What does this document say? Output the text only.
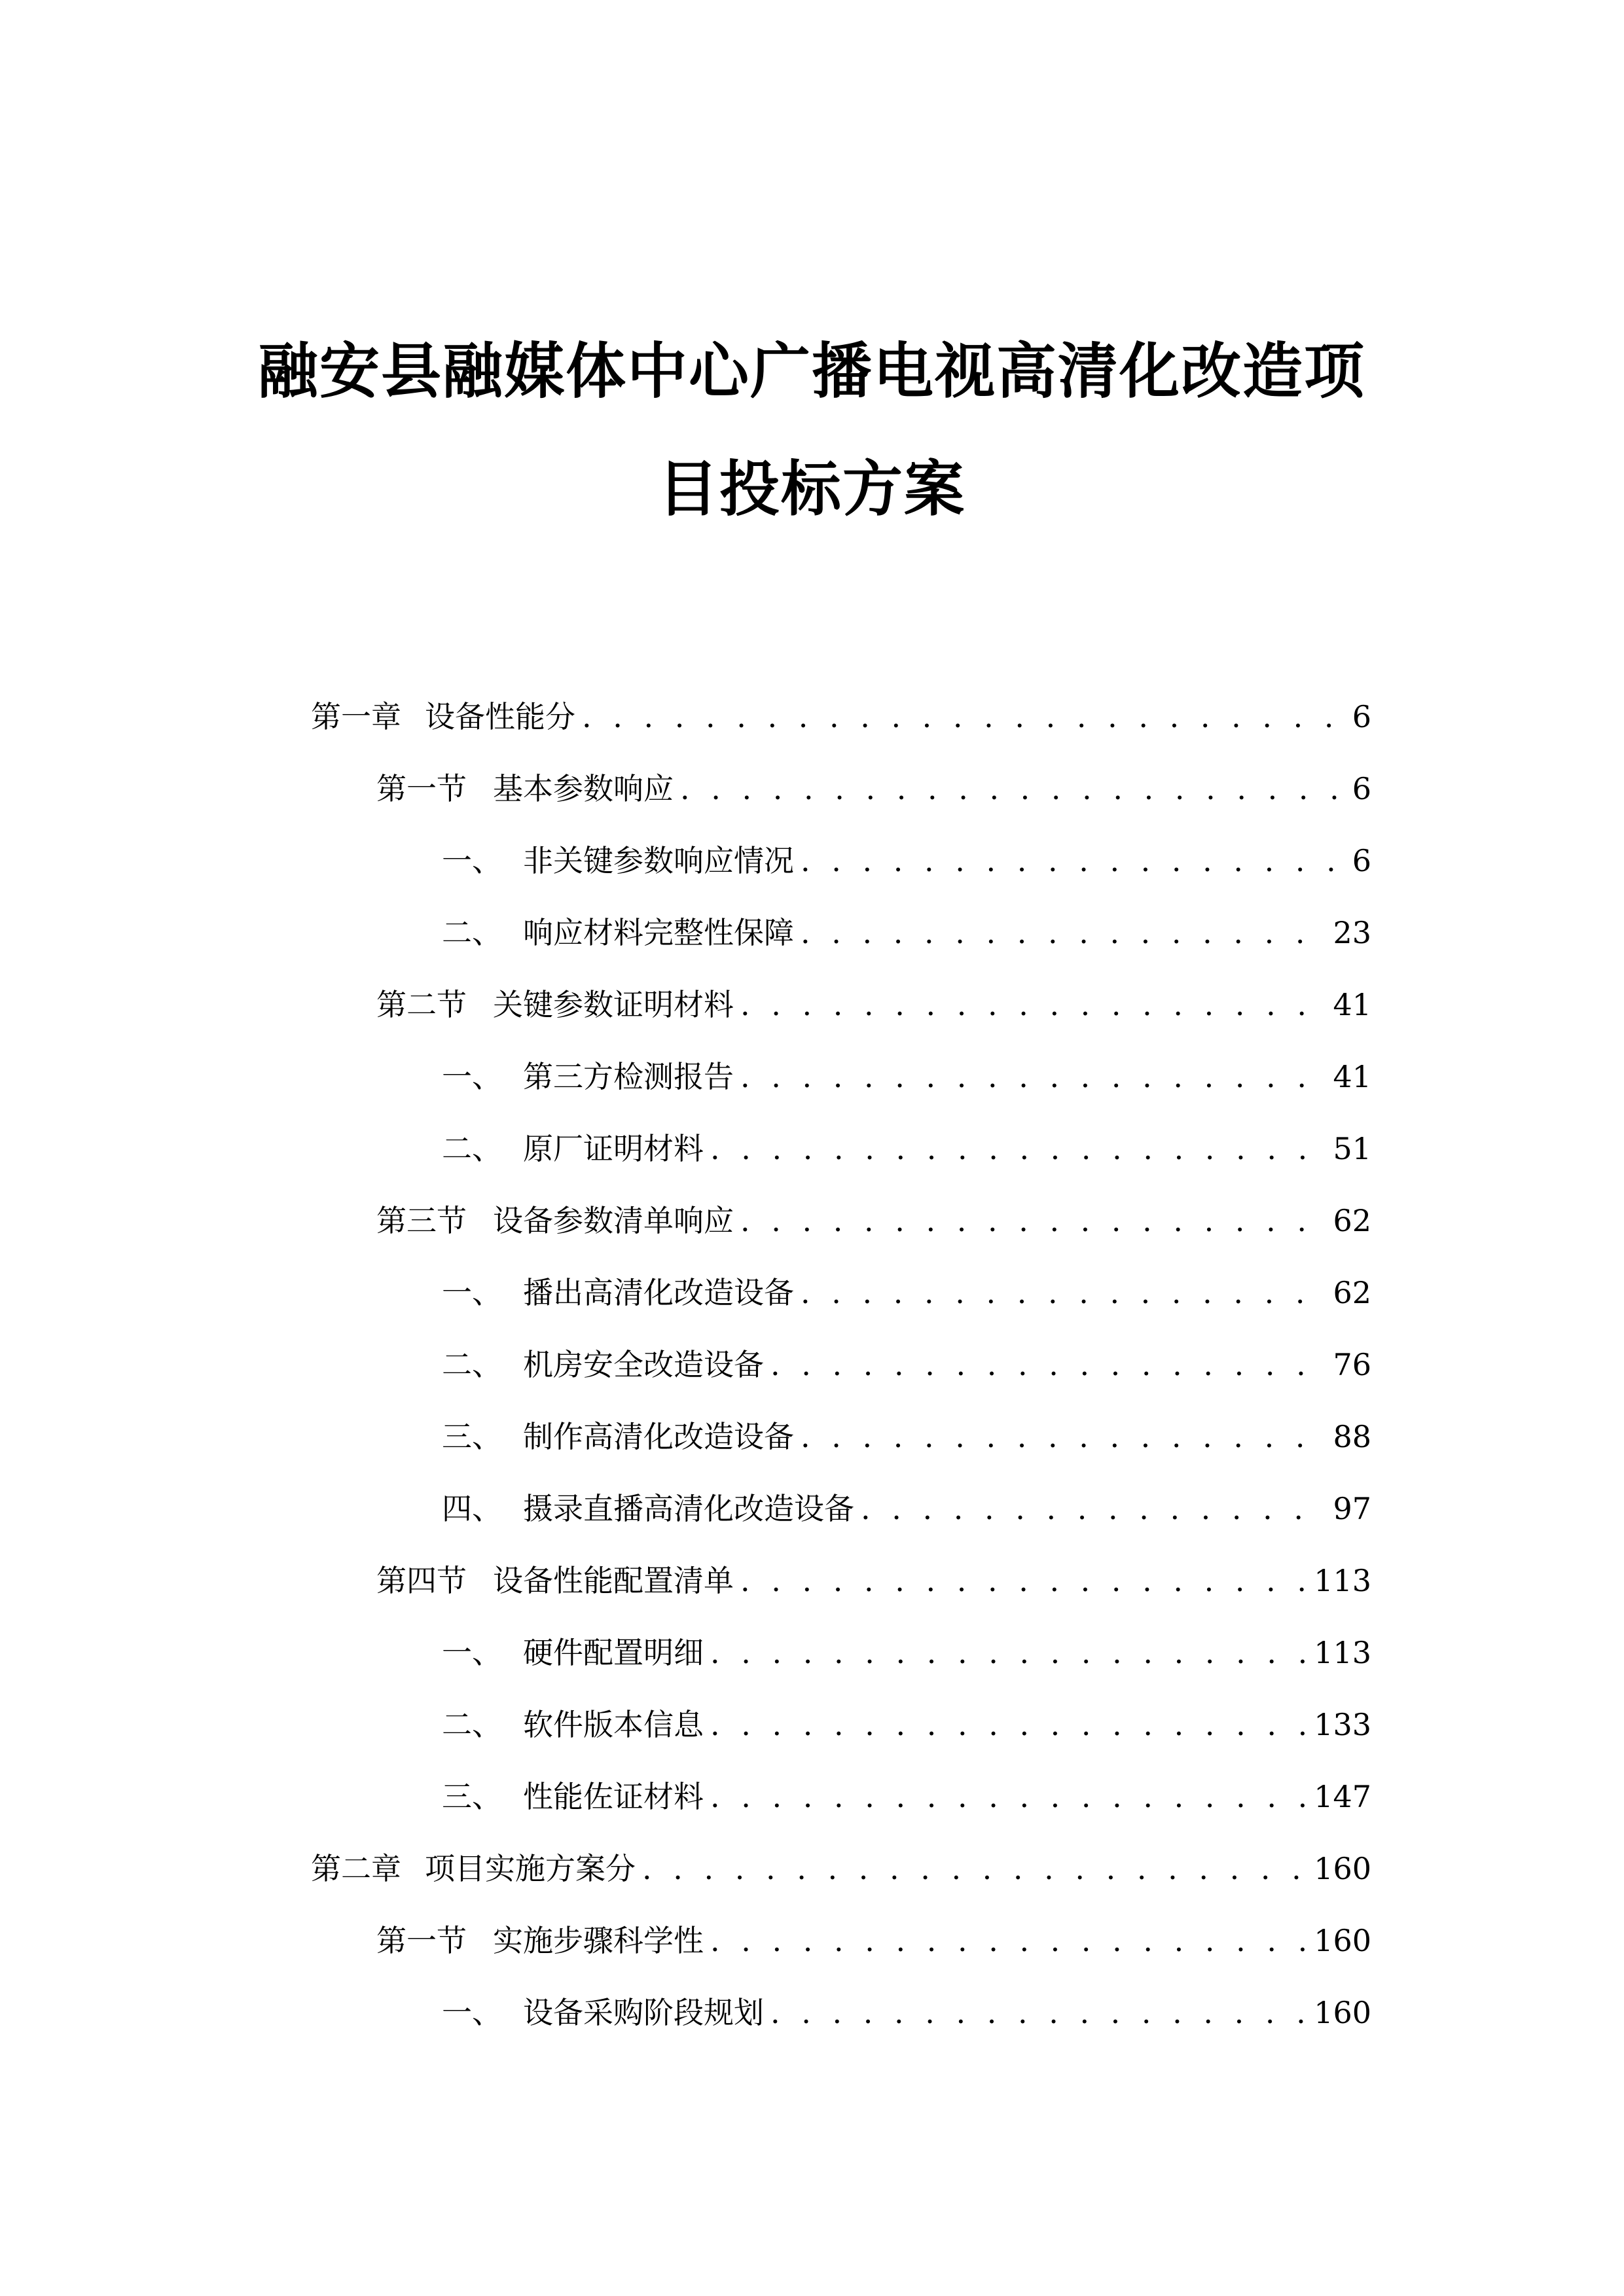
融安县融媒体中心广播电视高清化改造项
目投标方案
第一章 设备性能分 . . .	6
第一节 基本参数响应 . . .	6
一、 非关键参数响应情况 . . .	6
二、 响应材料完整性保障 . . .	23
第二节 关键参数证明材料 . . .	41
一、 第三方检测报告 . . .	41
二、 原厂证明材料 . . .	51
第三节 设备参数清单响应 . . .	62
一、 播出高清化改造设备 . . .	62
二、 机房安全改造设备 . . .	76
三、 制作高清化改造设备 . . .	88
四、 摄录直播高清化改造设备 . . .	97
第四节 设备性能配置清单 . . .	113
一、 硬件配置明细 . . .	113
二、 软件版本信息 . . .	133
三、 性能佐证材料 . . .	147
第二章 项目实施方案分 . . .	160
第一节 实施步骤科学性 . . .	160
一、 设备采购阶段规划 . . .	160
